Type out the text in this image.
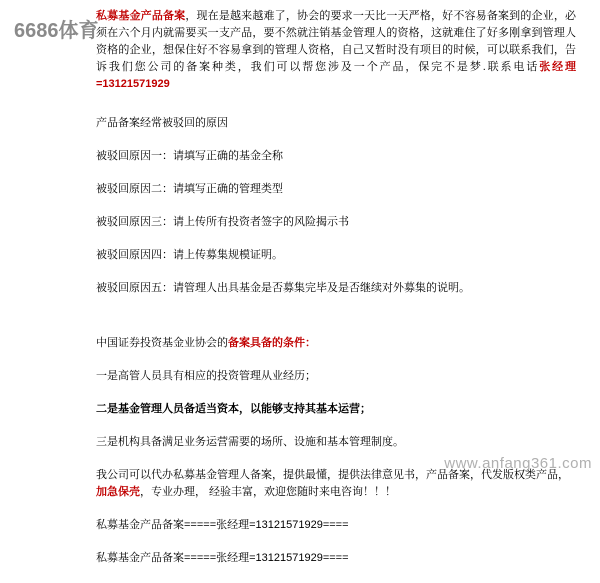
6686体育

私募基金产品备案，现在是越来越难了，协会的要求一天比一天严格，好不容易备案到的企业，必须在六个月内就需要买一支产品，要不然就注销基金管理人的资格，这就难住了好多刚拿到管理人资格的企业，想保住好不容易拿到的管理人资格，自己又暂时没有项目的时候，可以联系我们，告诉我们您公司的备案种类，我们可以帮您涉及一个产品，保完不是梦.联系电话张经理=13121571929

产品备案经常被驳回的原因

被驳回原因一：请填写正确的基金全称

被驳回原因二：请填写正确的管理类型

被驳回原因三：请上传所有投资者签字的风险揭示书

被驳回原因四：请上传募集规模证明。

被驳回原因五：请管理人出具基金是否募集完毕及是否继续对外募集的说明。

中国证券投资基金业协会的备案具备的条件：

一是高管人员具有相应的投资管理从业经历；

二是基金管理人员备适当资本，以能够支持其基本运营；

三是机构具备满足业务运营需要的场所、设施和基本管理制度。

我公司可以代办私募基金管理人备案，提供最懂，提供法律意见书，产品备案，代发版权类产品，加急保壳，专业办理， 经验丰富，欢迎您随时来电咨询！！！

私募基金产品备案=====张经理=13121571929====

私募基金产品备案=====张经理=13121571929====

www.anfang361.com
